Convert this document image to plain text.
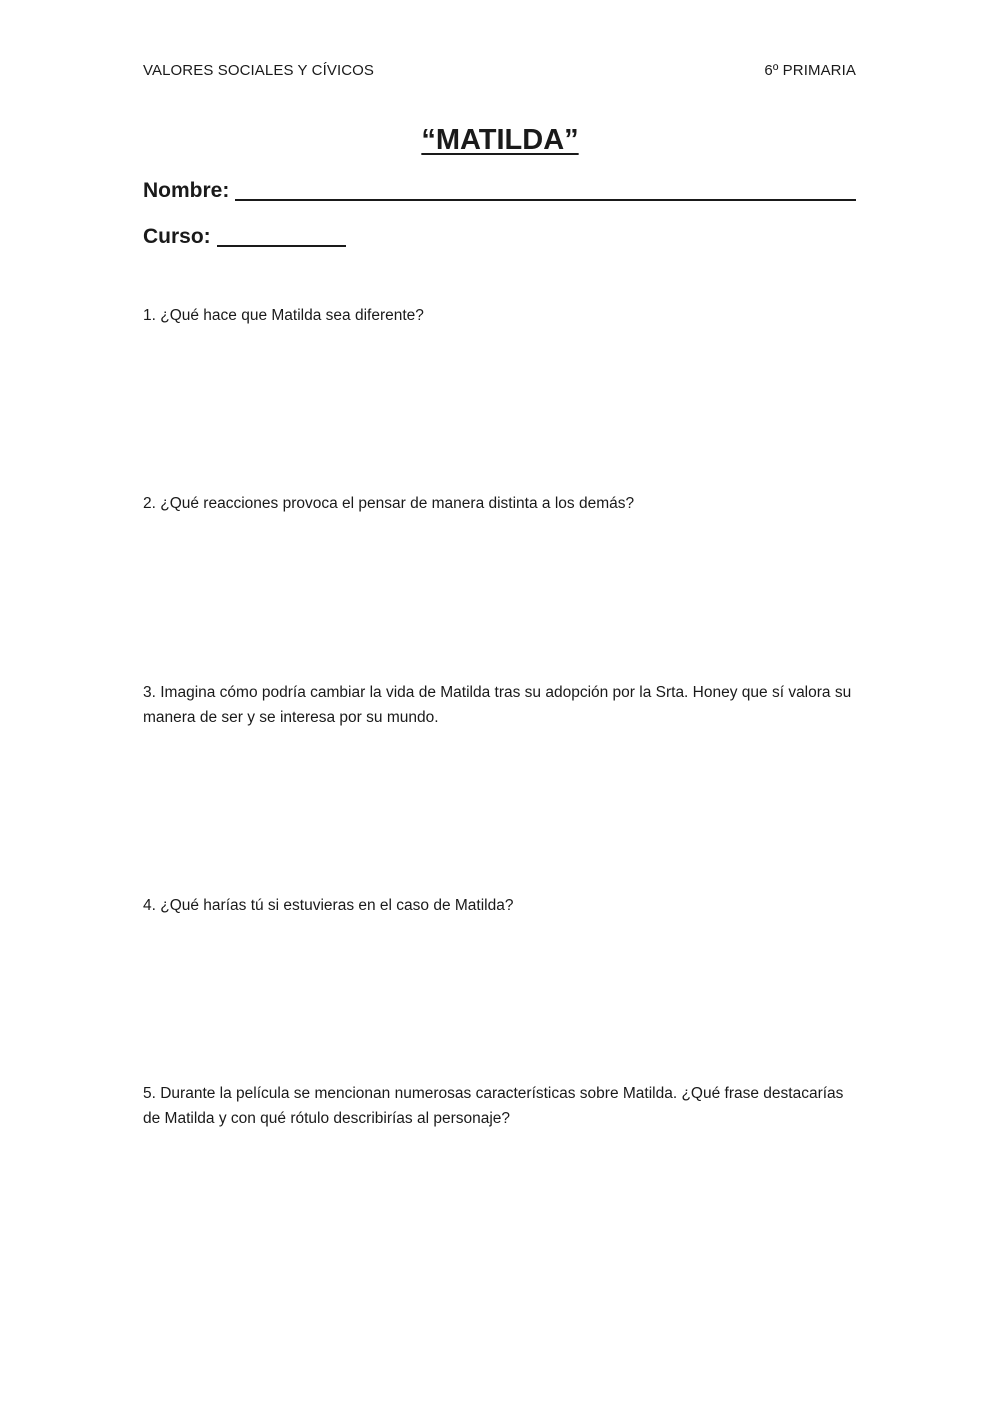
VALORES SOCIALES Y CÍVICOS	6º PRIMARIA
“MATILDA”
Nombre:
Curso:
1. ¿Qué hace que Matilda sea diferente?
2. ¿Qué reacciones provoca el pensar de manera distinta a los demás?
3. Imagina cómo podría cambiar la vida de Matilda tras su adopción por la Srta. Honey que sí valora su manera de ser y se interesa por su mundo.
4. ¿Qué harías tú si estuvieras en el caso de Matilda?
5. Durante la película se mencionan numerosas características sobre Matilda. ¿Qué frase destacarías de Matilda y con qué rótulo describirías al personaje?
